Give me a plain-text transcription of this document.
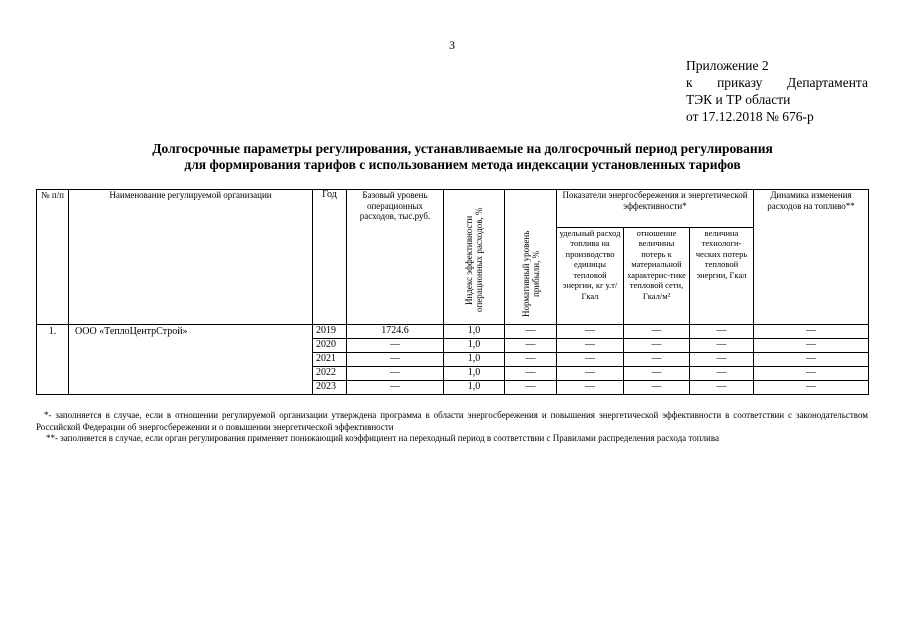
3
Приложение 2
к приказу Департамента
ТЭК и ТР области
от 17.12.2018 № 676-р
Долгосрочные параметры регулирования, устанавливаемые на долгосрочный период регулирования
для формирования тарифов с использованием метода индексации установленных тарифов
№ п/п	Наименование регулируемой организации	Год	Базовый уровень операционных расходов, тыс.руб.	Индекс эффективности операционных расходов, %	Нормативный уровень прибыли, %	Показатели энергосбережения и энергетической эффективности*			Динамика изменения расходов на топливо**
						удельный расход топлива на производство единицы тепловой энергии, кг у.т/Гкал	отношение величины потерь к материальной характерис-тике тепловой сети, Гкал/м²	величина технологи-ческих потерь тепловой энергии, Гкал	
1.	ООО «ТеплоЦентрСтрой»	2019	1724.6	1,0	—	—	—	—	—
		2020	—	1,0	—	—	—	—	—
		2021	—	1,0	—	—	—	—	—
		2022	—	1,0	—	—	—	—	—
		2023	—	1,0	—	—	—	—	—

*- заполняется в случае, если в отношении регулируемой организации утверждена программа в области энергосбережения и повышения энергетической эффективности в соответствии с законодательством Российской Федерации об энергосбережении и о повышении энергетической эффективности

**- заполняется в случае, если орган регулирования применяет понижающий коэффициент на переходный период в соответствии с Правилами распределения расхода топлива
